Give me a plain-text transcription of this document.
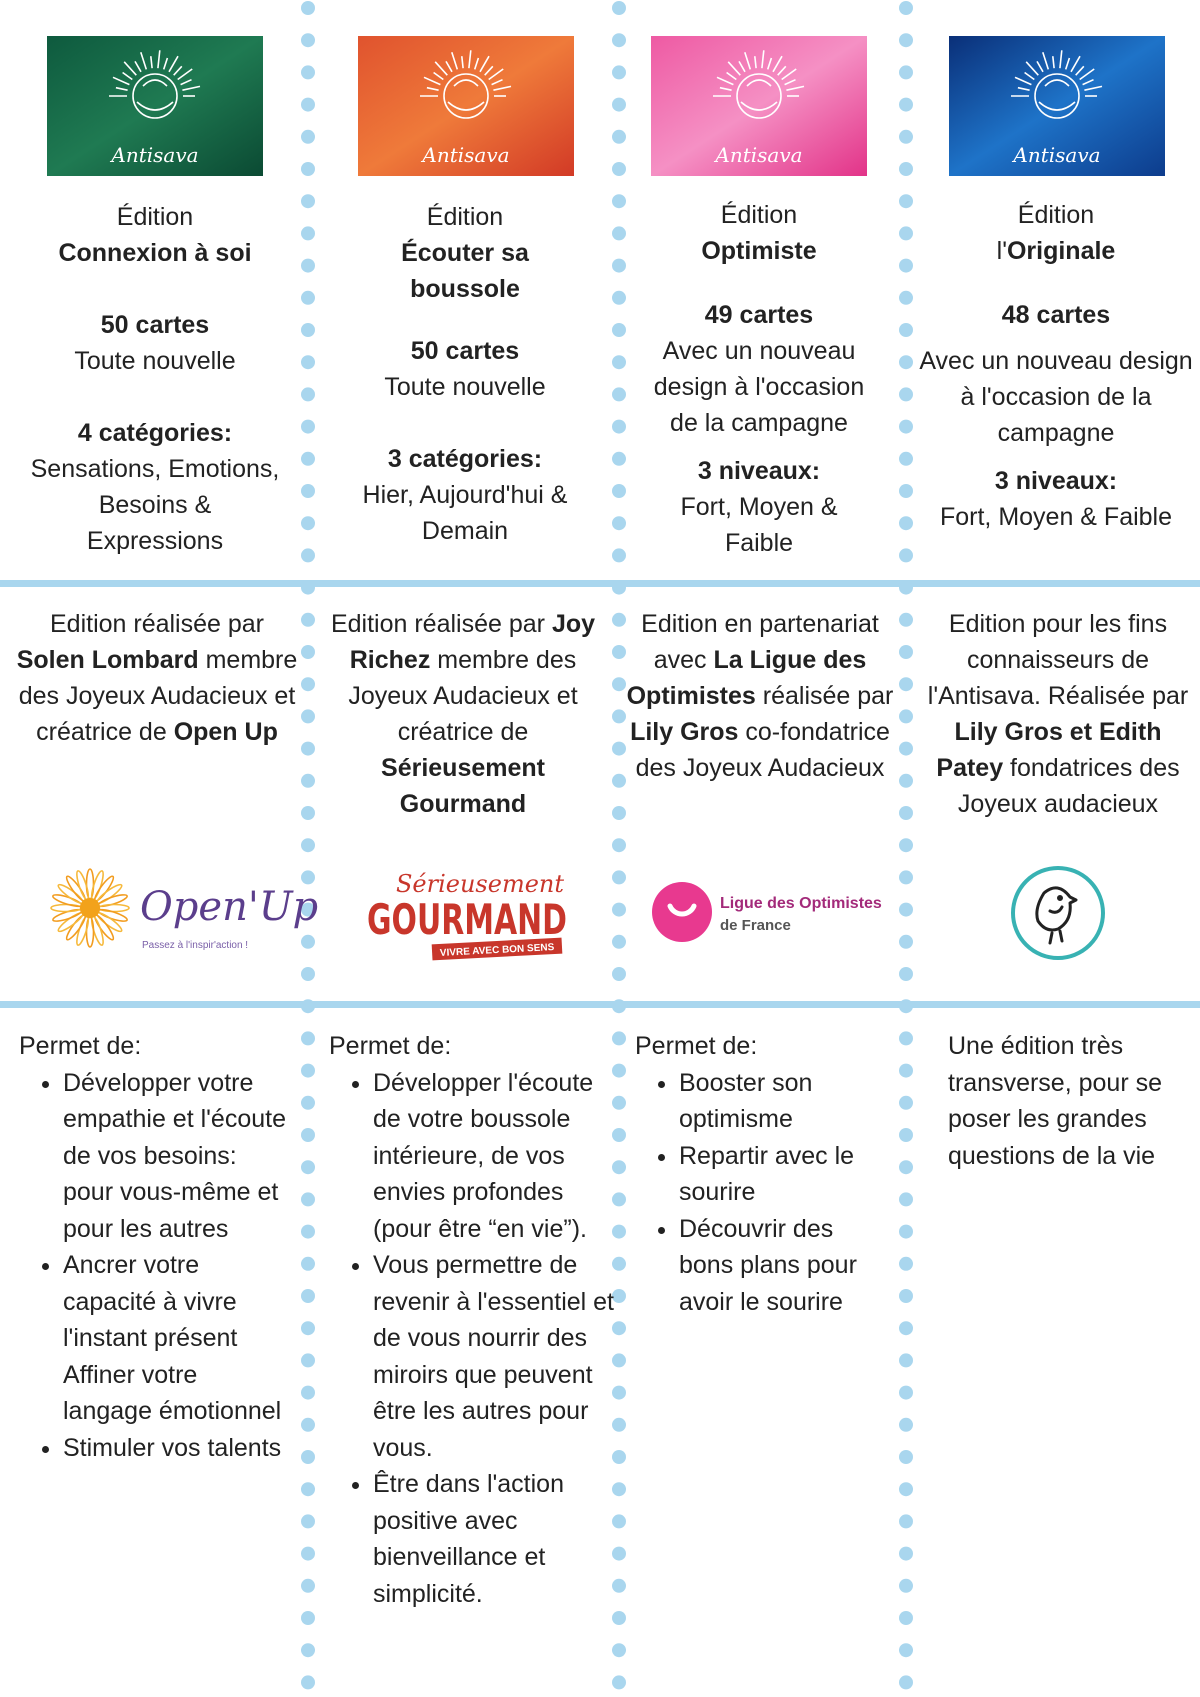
Antisava	Antisava	Antisava	Antisava
Édition
Connexion à soi
50 cartes
Toute nouvelle
4 catégories:
Sensations, Emotions, Besoins & Expressions
Édition
Écouter sa boussole
50 cartes
Toute nouvelle
3 catégories:
Hier, Aujourd'hui & Demain
Édition
Optimiste
49 cartes
Avec un nouveau design à l'occasion de la campagne
3 niveaux:
Fort, Moyen & Faible
Édition
l'Originale
48 cartes
Avec un nouveau design à l'occasion de la campagne
3 niveaux:
Fort, Moyen & Faible
Edition réalisée par Solen Lombard membre des Joyeux Audacieux et créatrice de Open Up
Edition réalisée par Joy Richez membre des Joyeux Audacieux et créatrice de Sérieusement Gourmand
Edition en partenariat avec La Ligue des Optimistes réalisée par Lily Gros co-fondatrice des Joyeux Audacieux
Edition pour les fins connaisseurs de l'Antisava. Réalisée par Lily Gros et Edith Patey fondatrices des Joyeux audacieux
Open'Up
Passez à l'inspir'action !
Sérieusement
GOURMAND
VIVRE AVEC BON SENS
Ligue des Optimistes
de France
Permet de:
• Développer votre empathie et l'écoute de vos besoins: pour vous-même et pour les autres
• Ancrer votre capacité à vivre l'instant présent Affiner votre langage émotionnel
• Stimuler vos talents
Permet de:
• Développer l'écoute de votre boussole intérieure, de vos envies profondes (pour être “en vie”).
• Vous permettre de revenir à l'essentiel et de vous nourrir des miroirs que peuvent être les autres pour vous.
• Être dans l'action positive avec bienveillance et simplicité.
Permet de:
• Booster son optimisme
• Repartir avec le sourire
• Découvrir des bons plans pour avoir le sourire
Une édition très transverse, pour se poser les grandes questions de la vie
